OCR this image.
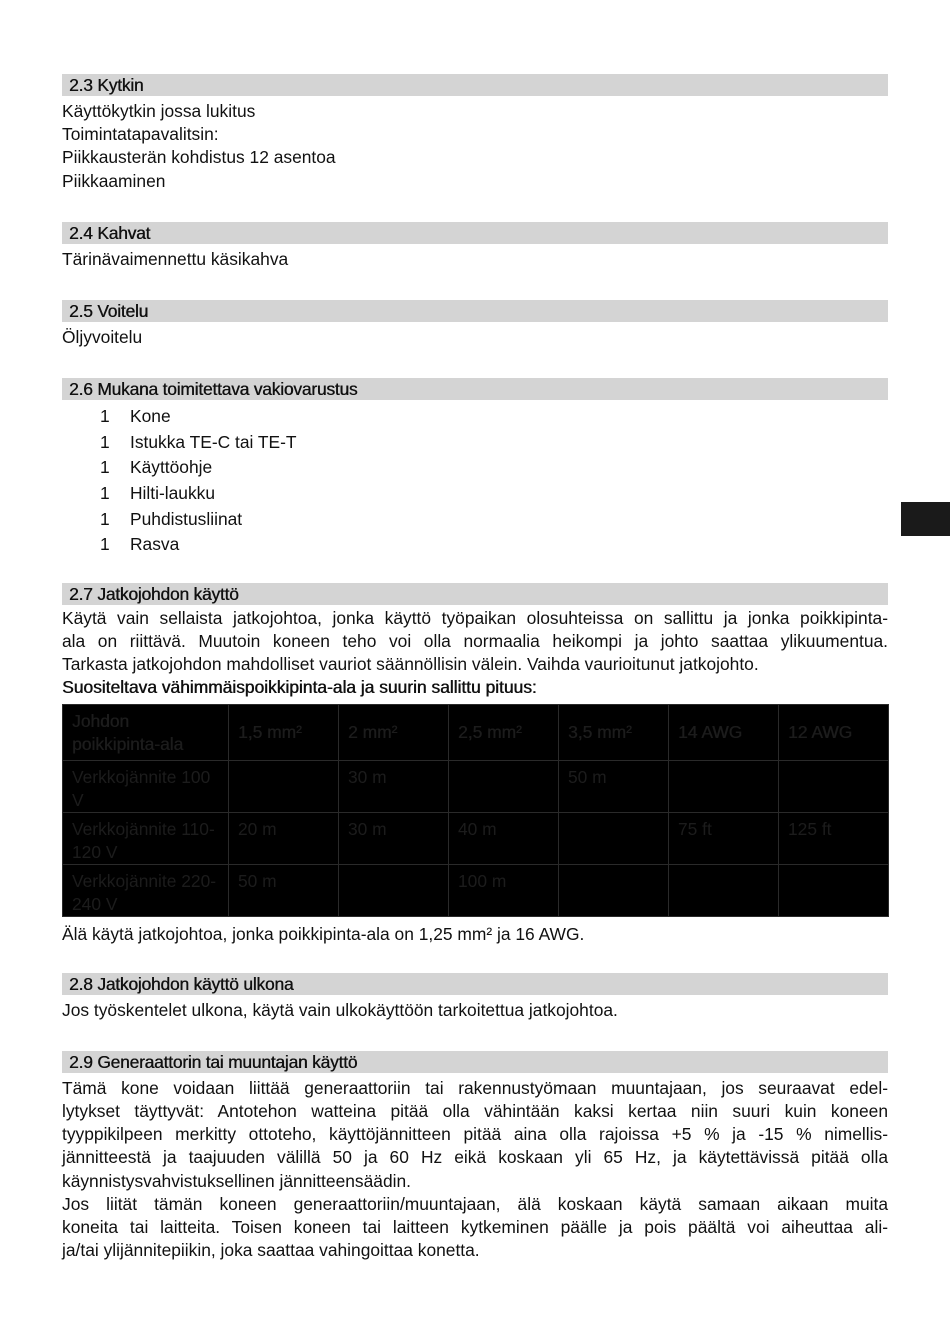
2.3 Kytkin
Käyttökytkin jossa lukitus
Toimintatapavalitsin:
Piikkausterän kohdistus 12 asentoa
Piikkaaminen
2.4 Kahvat
Tärinävaimennettu käsikahva
2.5 Voitelu
Öljyvoitelu
2.6 Mukana toimitettava vakiovarustus
1	Kone
1	Istukka TE-C tai TE-T
1	Käyttöohje
1	Hilti-laukku
1	Puhdistusliinat
1	Rasva
2.7 Jatkojohdon käyttö
Käytä vain sellaista jatkojohtoa, jonka käyttö työpaikan olosuhteissa on sallittu ja jonka poikkipinta-
ala on riittävä. Muutoin koneen teho voi olla normaalia heikompi ja johto saattaa ylikuumentua.
Tarkasta jatkojohdon mahdolliset vauriot säännöllisin välein. Vaihda vaurioitunut jatkojohto.
Suositeltava vähimmäispoikkipinta-ala ja suurin sallittu pituus:
Johdon poikkipinta-ala	1,5 mm²	2 mm²	2,5 mm²	3,5 mm²	14 AWG	12 AWG
Verkkojännite 100 V		30 m		50 m		
Verkkojännite 110-120 V	20 m	30 m	40 m		75 ft	125 ft
Verkkojännite 220-240 V	50 m		100 m			
Älä käytä jatkojohtoa, jonka poikkipinta-ala on 1,25 mm² ja 16 AWG.
2.8 Jatkojohdon käyttö ulkona
Jos työskentelet ulkona, käytä vain ulkokäyttöön tarkoitettua jatkojohtoa.
2.9 Generaattorin tai muuntajan käyttö
Tämä kone voidaan liittää generaattoriin tai rakennustyömaan muuntajaan, jos seuraavat edel-
lytykset täyttyvät: Antotehon watteina pitää olla vähintään kaksi kertaa niin suuri kuin koneen
tyyppikilpeen merkitty ottoteho, käyttöjännitteen pitää aina olla rajoissa +5 % ja -15 % nimellis-
jännitteestä ja taajuuden välillä 50 ja 60 Hz eikä koskaan yli 65 Hz, ja käytettävissä pitää olla
käynnistysvahvistuksellinen jännitteensäädin.
Jos liität tämän koneen generaattoriin/muuntajaan, älä koskaan käytä samaan aikaan muita
koneita tai laitteita. Toisen koneen tai laitteen kytkeminen päälle ja pois päältä voi aiheuttaa ali-
ja/tai ylijännitepiikin, joka saattaa vahingoittaa konetta.
